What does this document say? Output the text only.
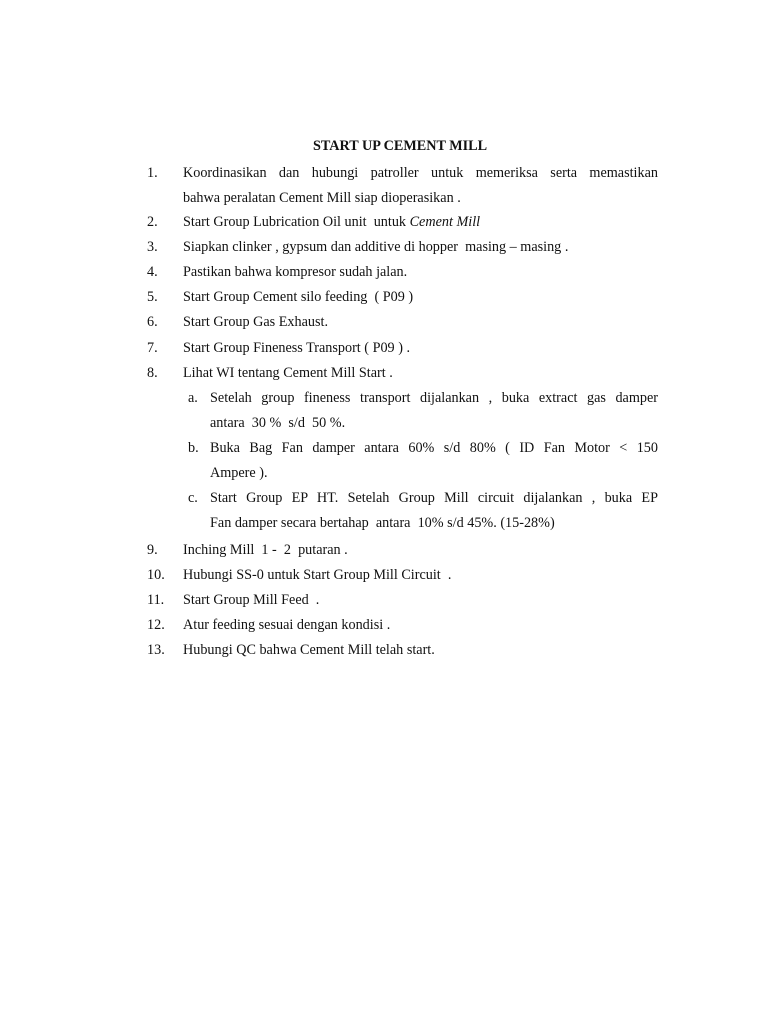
START UP CEMENT MILL
1. Koordinasikan dan hubungi patroller untuk memeriksa serta memastikan
bahwa peralatan Cement Mill siap dioperasikan .
2. Start Group Lubrication Oil unit  untuk Cement Mill
3. Siapkan clinker , gypsum dan additive di hopper  masing – masing .
4. Pastikan bahwa kompresor sudah jalan.
5. Start Group Cement silo feeding  ( P09 )
6. Start Group Gas Exhaust.
7. Start Group Fineness Transport ( P09 ) .
8. Lihat WI tentang Cement Mill Start .
a. Setelah group fineness transport dijalankan , buka extract gas damper
antara  30 %  s/d  50 %.
b. Buka Bag Fan damper antara 60% s/d 80% ( ID Fan Motor < 150
Ampere ).
c. Start Group EP HT. Setelah Group Mill circuit dijalankan , buka EP
Fan damper secara bertahap  antara  10% s/d 45%. (15-28%)
9. Inching Mill  1 -  2  putaran .
10. Hubungi SS-0 untuk Start Group Mill Circuit  .
11. Start Group Mill Feed  .
12. Atur feeding sesuai dengan kondisi .
13. Hubungi QC bahwa Cement Mill telah start.
